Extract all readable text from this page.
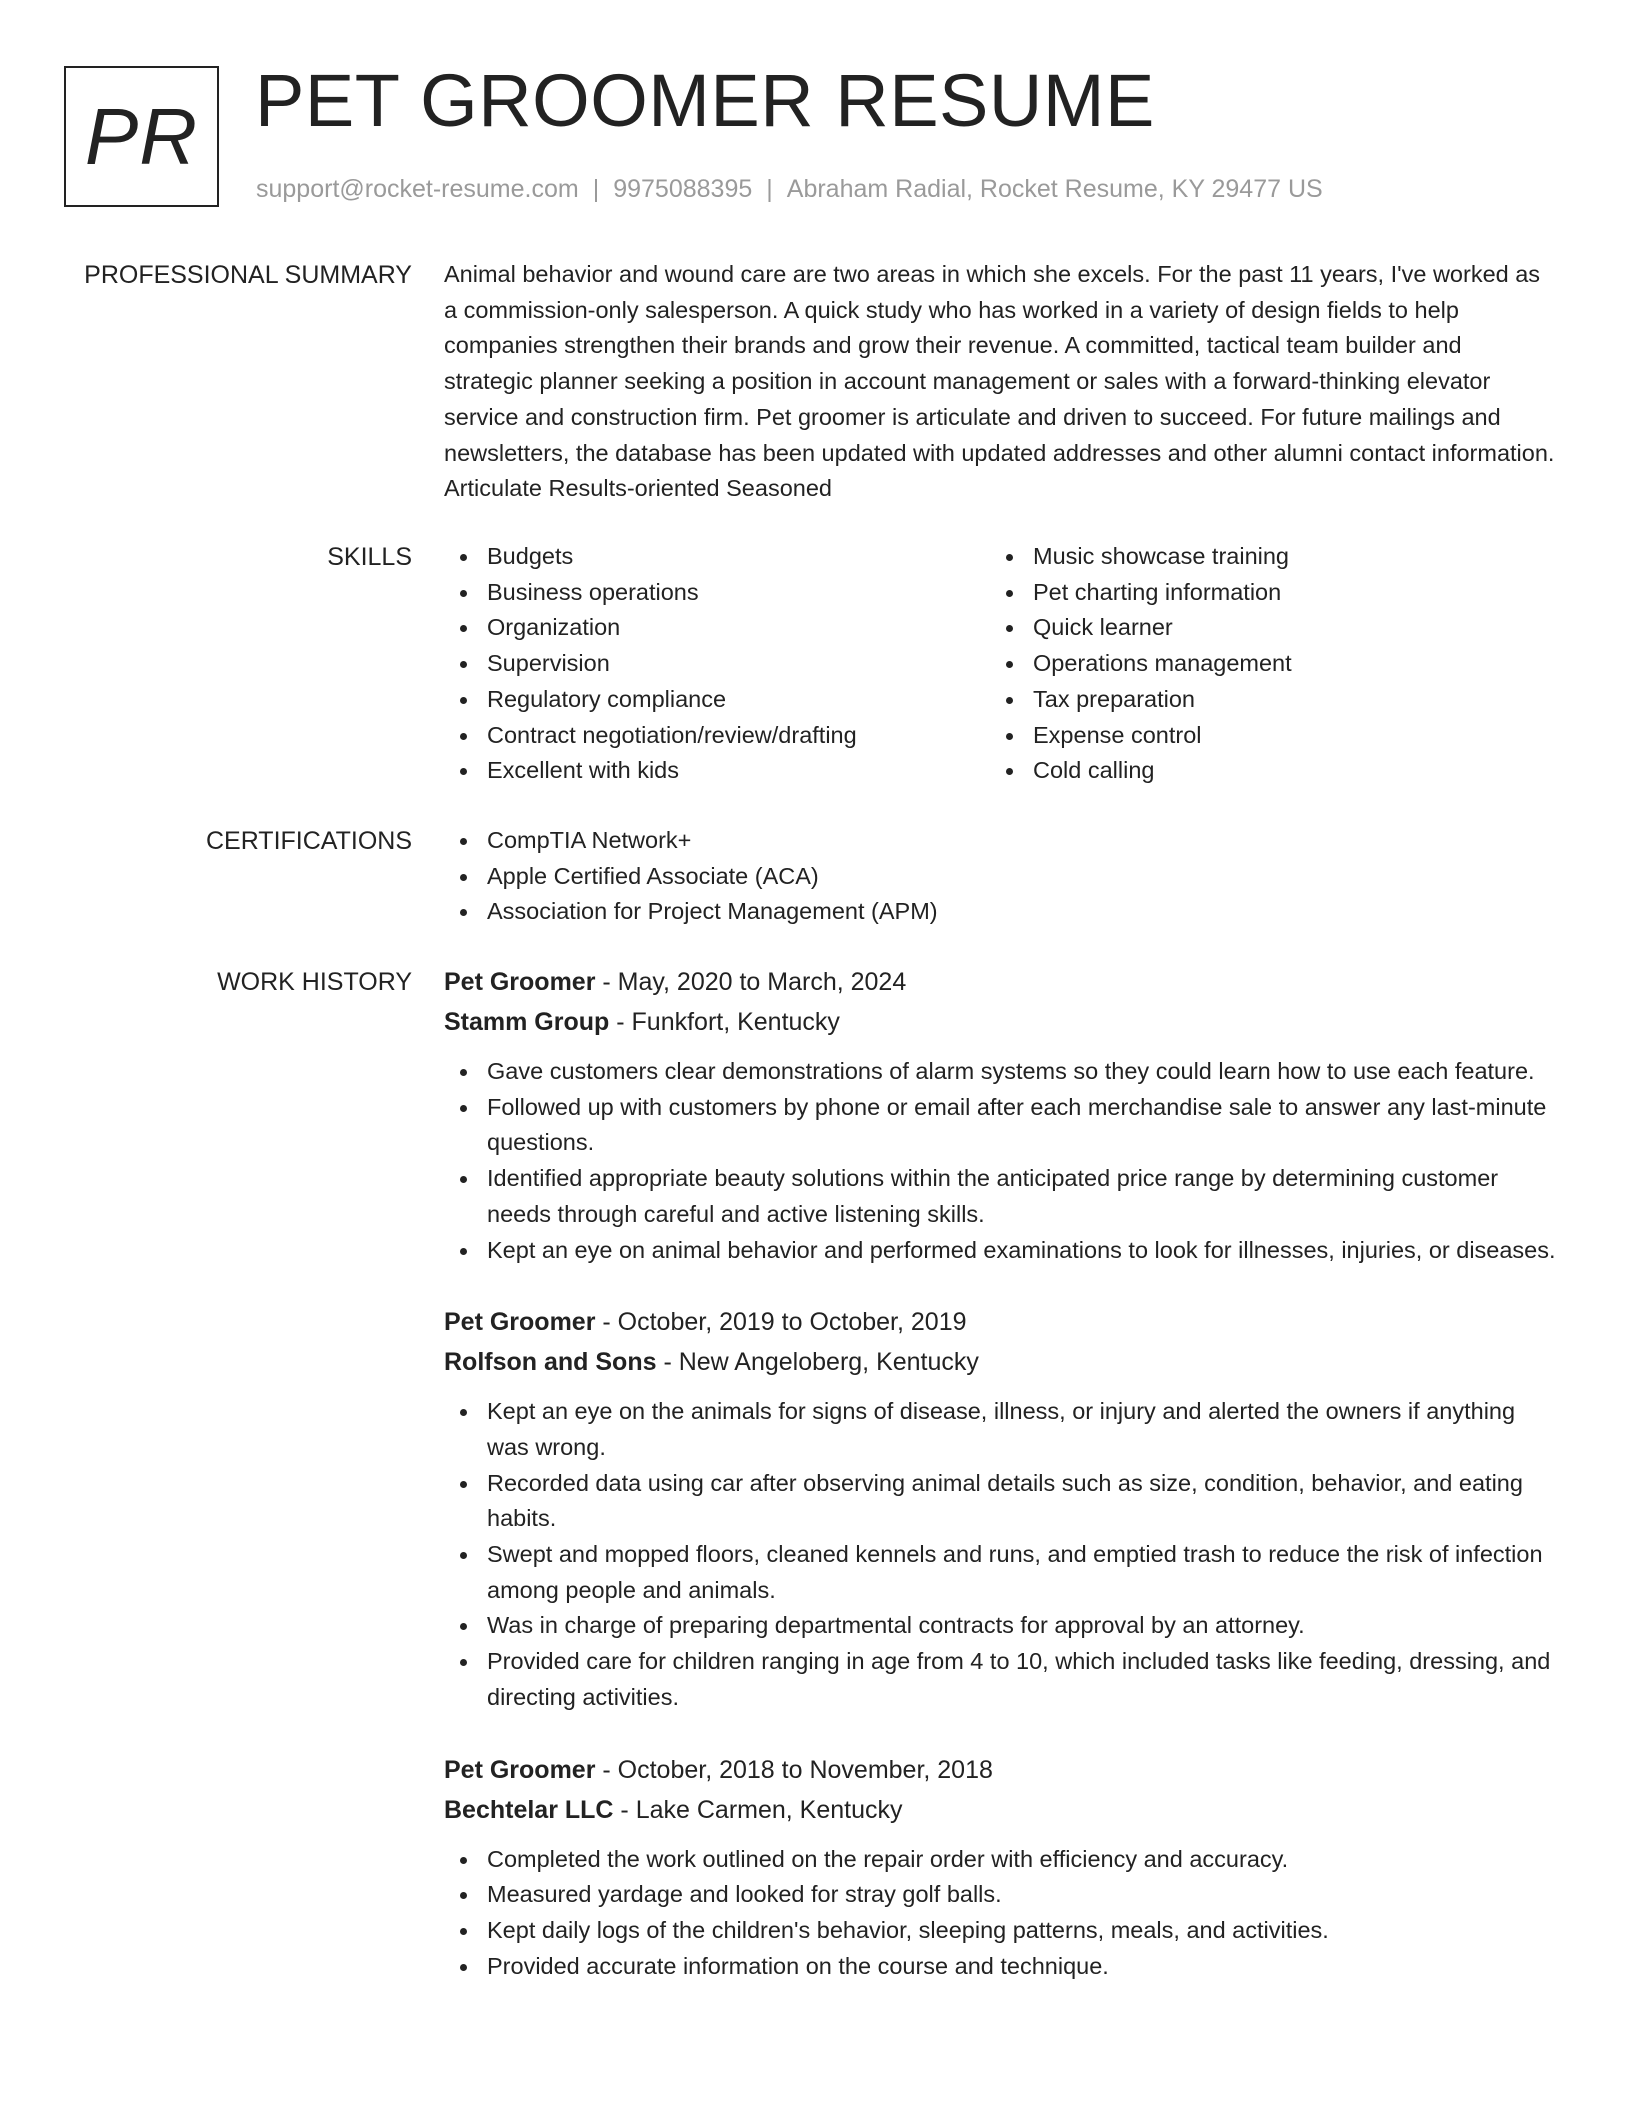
PR PET GROOMER RESUME
support@rocket-resume.com | 9975088395 | Abraham Radial, Rocket Resume, KY 29477 US
PROFESSIONAL SUMMARY Animal behavior and wound care are two areas in which she excels. For the past 11 years, I've worked as a commission-only salesperson. A quick study who has worked in a variety of design fields to help companies strengthen their brands and grow their revenue. A committed, tactical team builder and strategic planner seeking a position in account management or sales with a forward-thinking elevator service and construction firm. Pet groomer is articulate and driven to succeed. For future mailings and newsletters, the database has been updated with updated addresses and other alumni contact information. Articulate Results-oriented Seasoned

SKILLS	Budgets
Business operations
Organization
Supervision
Regulatory compliance
Contract negotiation/review/drafting
Excellent with kids
Music showcase training
Pet charting information
Quick learner
Operations management
Tax preparation
Expense control
Cold calling
CERTIFICATIONS	CompTIA Network+
Apple Certified Associate (ACA)
Association for Project Management (APM)
WORK HISTORY Pet Groomer - May, 2020 to March, 2024
Stamm Group - Funkfort, Kentucky
Gave customers clear demonstrations of alarm systems so they could learn how to use each feature.
Followed up with customers by phone or email after each merchandise sale to answer any last-minute questions.
Identified appropriate beauty solutions within the anticipated price range by determining customer needs through careful and active listening skills.
Kept an eye on animal behavior and performed examinations to look for illnesses, injuries, or diseases.
Pet Groomer - October, 2019 to October, 2019
Rolfson and Sons - New Angeloberg, Kentucky
Kept an eye on the animals for signs of disease, illness, or injury and alerted the owners if anything was wrong.
Recorded data using car after observing animal details such as size, condition, behavior, and eating habits.
Swept and mopped floors, cleaned kennels and runs, and emptied trash to reduce the risk of infection among people and animals.
Was in charge of preparing departmental contracts for approval by an attorney.
Provided care for children ranging in age from 4 to 10, which included tasks like feeding, dressing, and directing activities.
Pet Groomer - October, 2018 to November, 2018
Bechtelar LLC - Lake Carmen, Kentucky
Completed the work outlined on the repair order with efficiency and accuracy.
Measured yardage and looked for stray golf balls.
Kept daily logs of the children's behavior, sleeping patterns, meals, and activities.
Provided accurate information on the course and technique.
